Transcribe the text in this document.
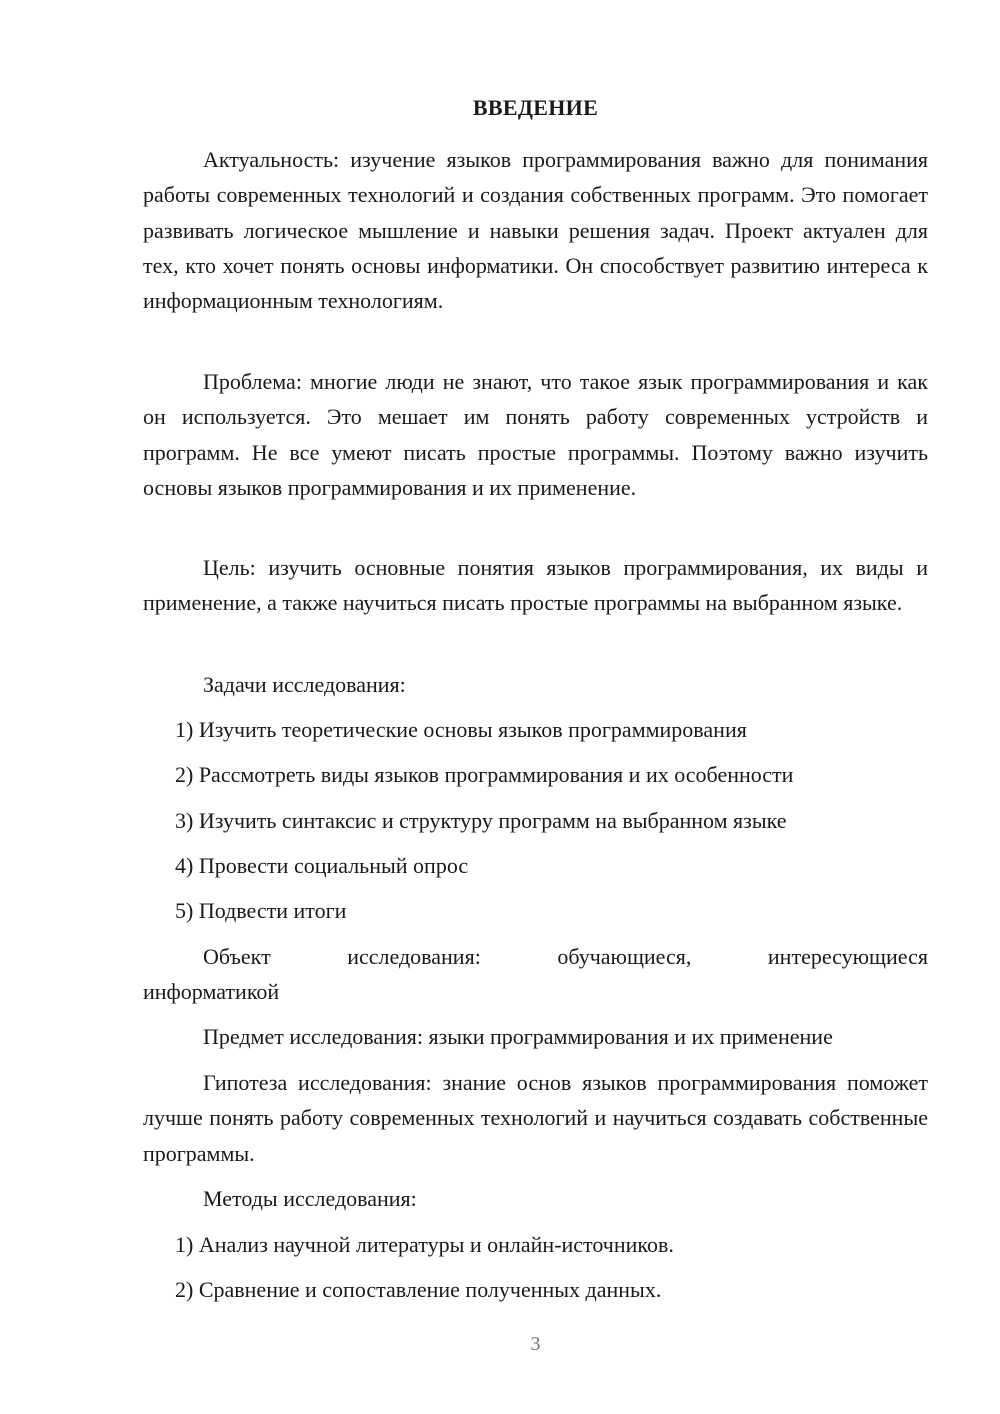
ВВЕДЕНИЕ

Актуальность: изучение языков программирования важно для понимания работы современных технологий и создания собственных программ. Это помогает развивать логическое мышление и навыки решения задач. Проект актуален для тех, кто хочет понять основы информатики. Он способствует развитию интереса к информационным технологиям.

Проблема: многие люди не знают, что такое язык программирования и как он используется. Это мешает им понять работу современных устройств и программ. Не все умеют писать простые программы. Поэтому важно изучить основы языков программирования и их применение.

Цель: изучить основные понятия языков программирования, их виды и применение, а также научиться писать простые программы на выбранном языке.

Задачи исследования:

1) Изучить теоретические основы языков программирования
2) Рассмотреть виды языков программирования и их особенности
3) Изучить синтаксис и структуру программ на выбранном языке
4) Провести социальный опрос
5) Подвести итоги
Объект	исследования:	обучающиеся,	интересующиеся
информатикой

Предмет исследования: языки программирования и их применение

Гипотеза исследования: знание основ языков программирования поможет лучше понять работу современных технологий и научиться создавать собственные программы.

Методы исследования:

1) Анализ научной литературы и онлайн-источников.
2) Сравнение и сопоставление полученных данных.
3
